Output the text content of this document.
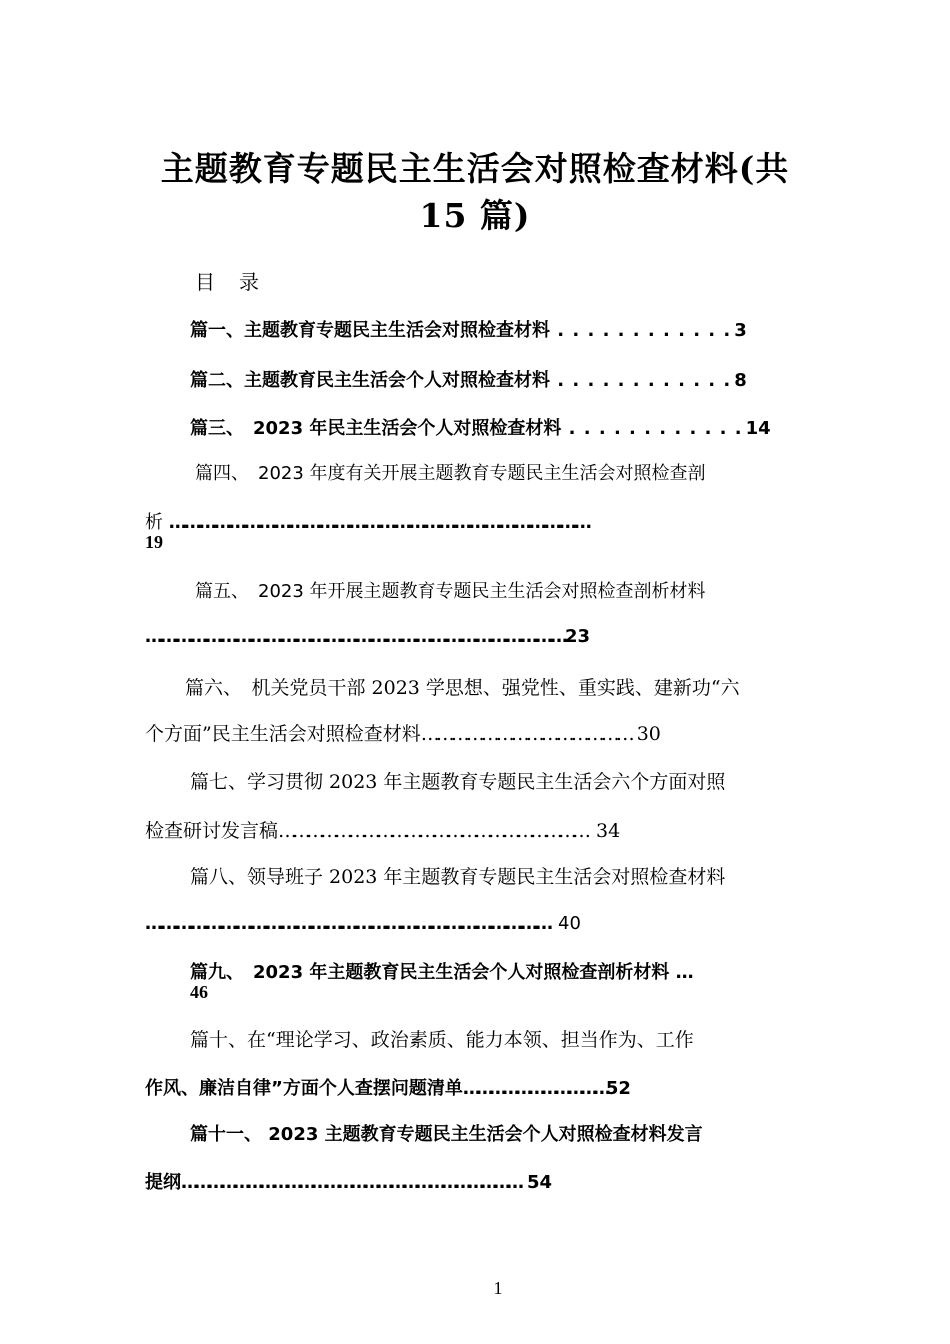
主题教育专题民主生活会对照检查材料(共
15 篇)
目　录
篇一、主题教育专题民主生活会对照检查材料 . . . . . . . . . . . . 3
篇二、主题教育民主生活会个人对照检查材料 . . . . . . . . . . . . 8
篇三、　2023 年民主生活会个人对照检查材料 . . . . . . . . . . . . 14
篇四、　2023 年度有关开展主题教育专题民主生活会对照检查剖
析 …………………………………………………………………………
19
篇五、　2023 年开展主题教育专题民主生活会对照检查剖析材料
…………………………………………………………………………23
篇六、　机关党员干部 2023 学思想、强党性、重实践、建新功“六
个方面”民主生活会对照检查材料…………………………………… 30
篇七、学习贯彻 2023 年主题教育专题民主生活会六个方面对照
检查研讨发言稿………………………………………………………… 34
篇八、领导班子 2023 年主题教育专题民主生活会对照检查材料
……………………………………………………………………… 40
篇九、　2023 年主题教育民主生活会个人对照检查剖析材料 …
46
篇十、在“理论学习、政治素质、能力本领、担当作为、工作
作风、廉洁自律”方面个人查摆问题清单……………………………52
篇十一、 2023 主题教育专题民主生活会个人对照检查材料发言
提纲…………………………………………………………………… 54
1
